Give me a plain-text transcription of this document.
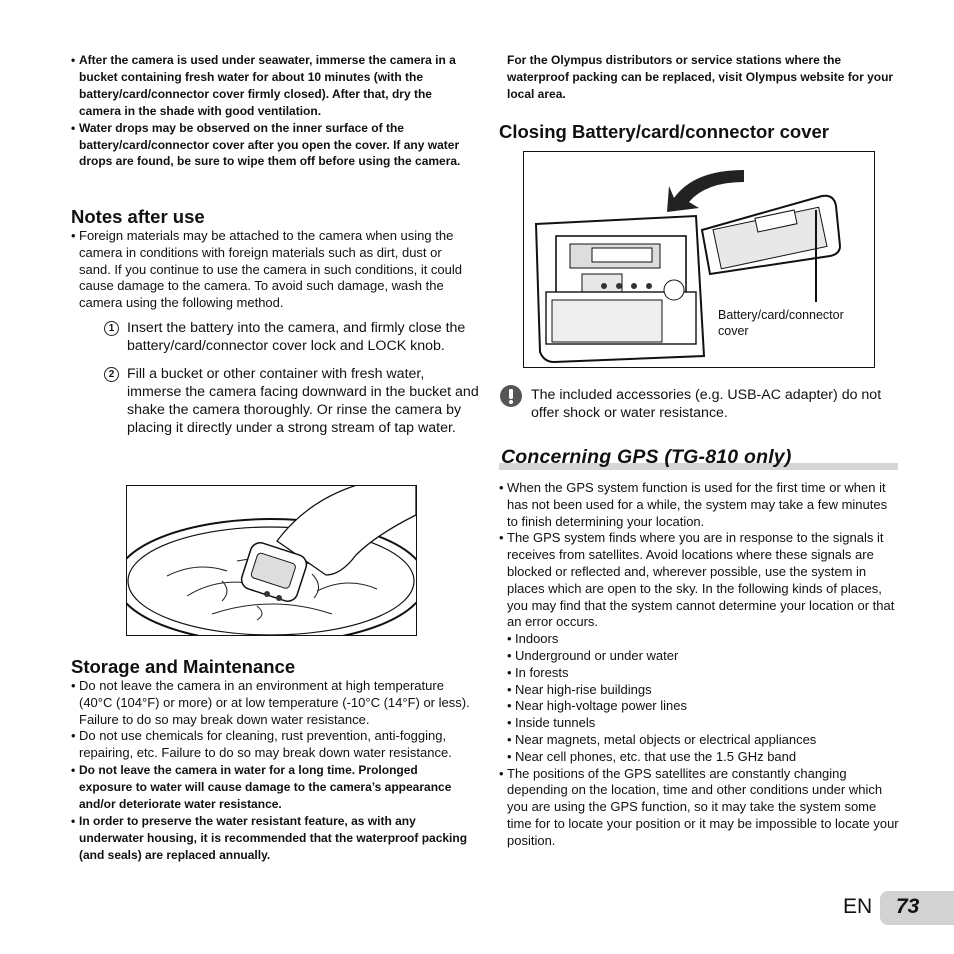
• After the camera is used under seawater, immerse the camera in a bucket containing fresh water for about 10 minutes (with the battery/card/connector cover firmly closed). After that, dry the camera in the shade with good ventilation.

• Water drops may be observed on the inner surface of the battery/card/connector cover after you open the cover. If any water drops are found, be sure to wipe them off before using the camera.

Notes after use

• Foreign materials may be attached to the camera when using the camera in conditions with foreign materials such as dirt, dust or sand. If you continue to use the camera in such conditions, it could cause damage to the camera. To avoid such damage, wash the camera using the following method.

1 Insert the battery into the camera, and firmly close the battery/card/connector cover lock and LOCK knob.
2 Fill a bucket or other container with fresh water, immerse the camera facing downward in the bucket and shake the camera thoroughly. Or rinse the camera by placing it directly under a strong stream of tap water.
Storage and Maintenance

• Do not leave the camera in an environment at high temperature (40°C (104°F) or more) or at low temperature (-10°C (14°F) or less). Failure to do so may break down water resistance.

• Do not use chemicals for cleaning, rust prevention, anti-fogging, repairing, etc. Failure to do so may break down water resistance.

• Do not leave the camera in water for a long time. Prolonged exposure to water will cause damage to the camera’s appearance and/or deteriorate water resistance.

• In order to preserve the water resistant feature, as with any underwater housing, it is recommended that the waterproof packing (and seals) are replaced annually.

For the Olympus distributors or service stations where the waterproof packing can be replaced, visit Olympus website for your local area.
Closing Battery/card/connector cover
Battery/card/connector cover
The included accessories (e.g. USB-AC adapter) do not offer shock or water resistance.
Concerning GPS (TG-810 only)

• When the GPS system function is used for the first time or when it has not been used for a while, the system may take a few minutes to finish determining your location.

• The GPS system finds where you are in response to the signals it receives from satellites. Avoid locations where these signals are blocked or reflected and, wherever possible, use the system in places which are open to the sky. In the following kinds of places, you may find that the system cannot determine your location or that an error occurs.

• Indoors
• Underground or under water
• In forests
• Near high-rise buildings
• Near high-voltage power lines
• Inside tunnels
• Near magnets, metal objects or electrical appliances
• Near cell phones, etc. that use the 1.5 GHz band

• The positions of the GPS satellites are constantly changing depending on the location, time and other conditions under which you are using the GPS function, so it may take the system some time for to locate your position or it may be impossible to locate your position.

EN 73
